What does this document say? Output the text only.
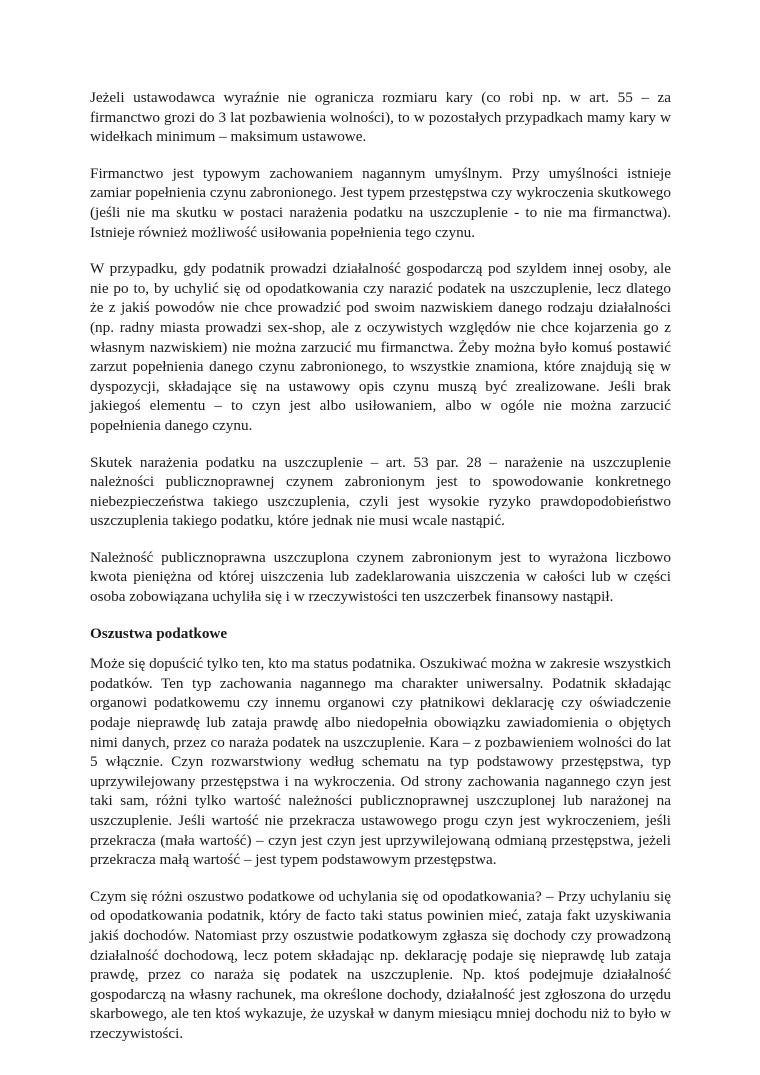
Jeżeli ustawodawca wyraźnie nie ogranicza rozmiaru kary (co robi np. w art. 55 – za firmanctwo grozi do 3 lat pozbawienia wolności), to w pozostałych przypadkach mamy kary w widełkach minimum – maksimum ustawowe.

Firmanctwo jest typowym zachowaniem nagannym umyślnym. Przy umyślności istnieje zamiar popełnienia czynu zabronionego. Jest typem przestępstwa czy wykroczenia skutkowego (jeśli nie ma skutku w postaci narażenia podatku na uszczuplenie - to nie ma firmanctwa). Istnieje również możliwość usiłowania popełnienia tego czynu.

W przypadku, gdy podatnik prowadzi działalność gospodarczą pod szyldem innej osoby, ale nie po to, by uchylić się od opodatkowania czy narazić podatek na uszczuplenie, lecz dlatego że z jakiś powodów nie chce prowadzić pod swoim nazwiskiem danego rodzaju działalności (np. radny miasta prowadzi sex-shop, ale z oczywistych względów nie chce kojarzenia go z własnym nazwiskiem) nie można zarzucić mu firmanctwa. Żeby można było komuś postawić zarzut popełnienia danego czynu zabronionego, to wszystkie znamiona, które znajdują się w dyspozycji, składające się na ustawowy opis czynu muszą być zrealizowane. Jeśli brak jakiegoś elementu – to czyn jest albo usiłowaniem, albo w ogóle nie można zarzucić popełnienia danego czynu.

Skutek narażenia podatku na uszczuplenie – art. 53 par. 28 – narażenie na uszczuplenie należności publicznoprawnej czynem zabronionym jest to spowodowanie konkretnego niebezpieczeństwa takiego uszczuplenia, czyli jest wysokie ryzyko prawdopodobieństwo uszczuplenia takiego podatku, które jednak nie musi wcale nastąpić.

Należność publicznoprawna uszczuplona czynem zabronionym jest to wyrażona liczbowo kwota pieniężna od której uiszczenia lub zadeklarowania uiszczenia w całości lub w części osoba zobowiązana uchyliła się i w rzeczywistości ten uszczerbek finansowy nastąpił.

Oszustwa podatkowe

Może się dopuścić tylko ten, kto ma status podatnika. Oszukiwać można w zakresie wszystkich podatków. Ten typ zachowania nagannego ma charakter uniwersalny. Podatnik składając organowi podatkowemu czy innemu organowi czy płatnikowi deklarację czy oświadczenie podaje nieprawdę lub zataja prawdę albo niedopełnia obowiązku zawiadomienia o objętych nimi danych, przez co naraża podatek na uszczuplenie. Kara – z pozbawieniem wolności do lat 5 włącznie. Czyn rozwarstwiony według schematu na typ podstawowy przestępstwa, typ uprzywilejowany przestępstwa i na wykroczenia. Od strony zachowania nagannego czyn jest taki sam, różni tylko wartość należności publicznoprawnej uszczuplonej lub narażonej na uszczuplenie. Jeśli wartość nie przekracza ustawowego progu czyn jest wykroczeniem, jeśli przekracza (mała wartość) – czyn jest czyn jest uprzywilejowaną odmianą przestępstwa, jeżeli przekracza małą wartość – jest typem podstawowym przestępstwa.

Czym się różni oszustwo podatkowe od uchylania się od opodatkowania? – Przy uchylaniu się od opodatkowania podatnik, który de facto taki status powinien mieć, zataja fakt uzyskiwania jakiś dochodów. Natomiast przy oszustwie podatkowym zgłasza się dochody czy prowadzoną działalność dochodową, lecz potem składając np. deklarację podaje się nieprawdę lub zataja prawdę, przez co naraża się podatek na uszczuplenie. Np. ktoś podejmuje działalność gospodarczą na własny rachunek, ma określone dochody, działalność jest zgłoszona do urzędu skarbowego, ale ten ktoś wykazuje, że uzyskał w danym miesiącu mniej dochodu niż to było w rzeczywistości.
